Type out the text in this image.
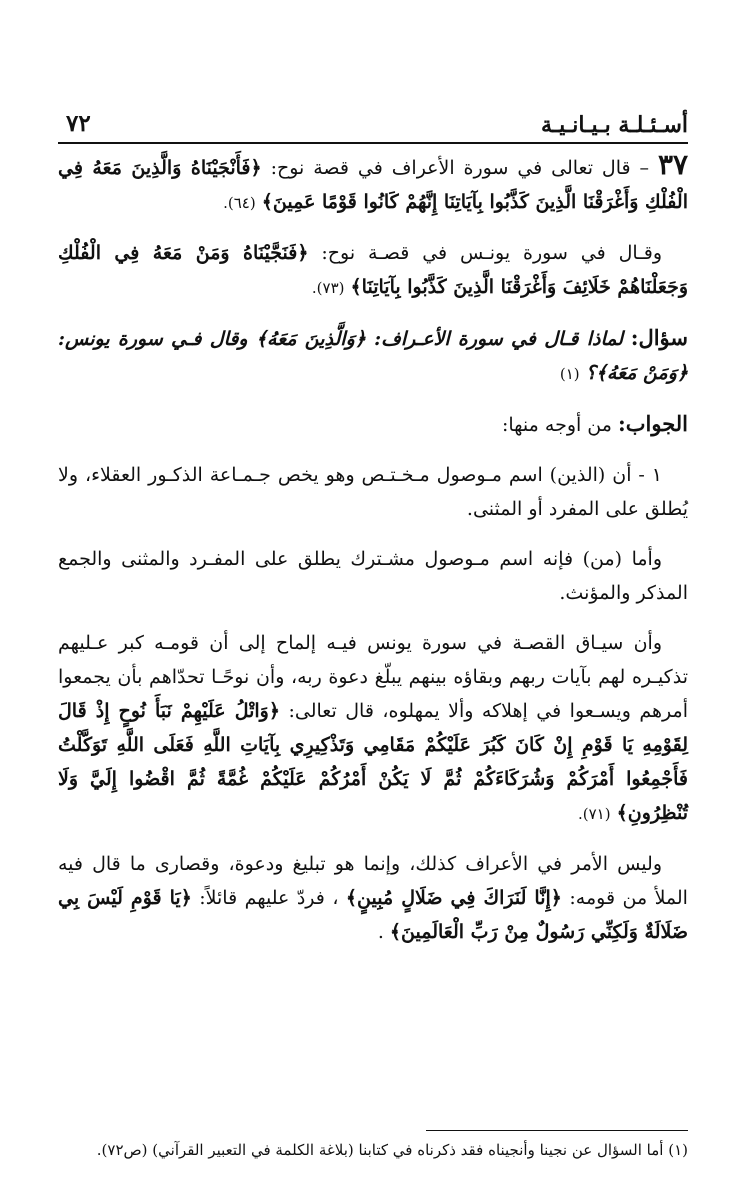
أسـئـلـة بـيـانـيـة
٧٢

٣٧ – قال تعالى في سورة الأعراف في قصة نوح: ﴿فَأَنْجَيْنَاهُ وَالَّذِينَ مَعَهُ فِي الْفُلْكِ وَأَغْرَقْنَا الَّذِينَ كَذَّبُوا بِآيَاتِنَا إِنَّهُمْ كَانُوا قَوْمًا عَمِينَ﴾ (٦٤).

وقـال في سورة يونـس في قصـة نوح: ﴿فَنَجَّيْنَاهُ وَمَنْ مَعَهُ فِي الْفُلْكِ وَجَعَلْنَاهُمْ خَلَائِفَ وَأَغْرَقْنَا الَّذِينَ كَذَّبُوا بِآيَاتِنَا﴾ (٧٣).

سؤال: لماذا قـال في سورة الأعـراف: ﴿وَالَّذِينَ مَعَهُ﴾ وقال فـي سورة يونس: ﴿وَمَنْ مَعَهُ﴾؟ (١)

الجواب: من أوجه منها:

١ - أن (الذين) اسم مـوصول مـخـتـص وهو يخص جـمـاعة الذكـور العقلاء، ولا يُطلق على المفرد أو المثنى.

وأما (من) فإنه اسم مـوصول مشـترك يطلق على المفـرد والمثنى والجمع المذكر والمؤنث.

وأن سيـاق القصـة في سورة يونس فيـه إلماح إلى أن قومـه كبر عـليهم تذكيـره لهم بآيات ربهم وبقاؤه بينهم يبلّغ دعوة ربه، وأن نوحًـا تحدّاهم بأن يجمعوا أمرهم ويسـعوا في إهلاكه وألا يمهلوه، قال تعالى: ﴿وَاتْلُ عَلَيْهِمْ نَبَأَ نُوحٍ إِذْ قَالَ لِقَوْمِهِ يَا قَوْمِ إِنْ كَانَ كَبُرَ عَلَيْكُمْ مَقَامِي وَتَذْكِيرِي بِآيَاتِ اللَّهِ فَعَلَى اللَّهِ تَوَكَّلْتُ فَأَجْمِعُوا أَمْرَكُمْ وَشُرَكَاءَكُمْ ثُمَّ لَا يَكُنْ أَمْرُكُمْ عَلَيْكُمْ غُمَّةً ثُمَّ اقْضُوا إِلَيَّ وَلَا تُنْظِرُونِ﴾ (٧١).

وليس الأمر في الأعراف كذلك، وإنما هو تبليغ ودعوة، وقصارى ما قال فيه الملأ من قومه: ﴿إِنَّا لَنَرَاكَ فِي ضَلَالٍ مُبِينٍ﴾ ، فردّ عليهم قائلاً: ﴿يَا قَوْمِ لَيْسَ بِي ضَلَالَةٌ وَلَكِنِّي رَسُولٌ مِنْ رَبِّ الْعَالَمِينَ﴾ .

(١) أما السؤال عن نجينا وأنجيناه فقد ذكرناه في كتابنا (بلاغة الكلمة في التعبير القرآني) (ص٧٢).
